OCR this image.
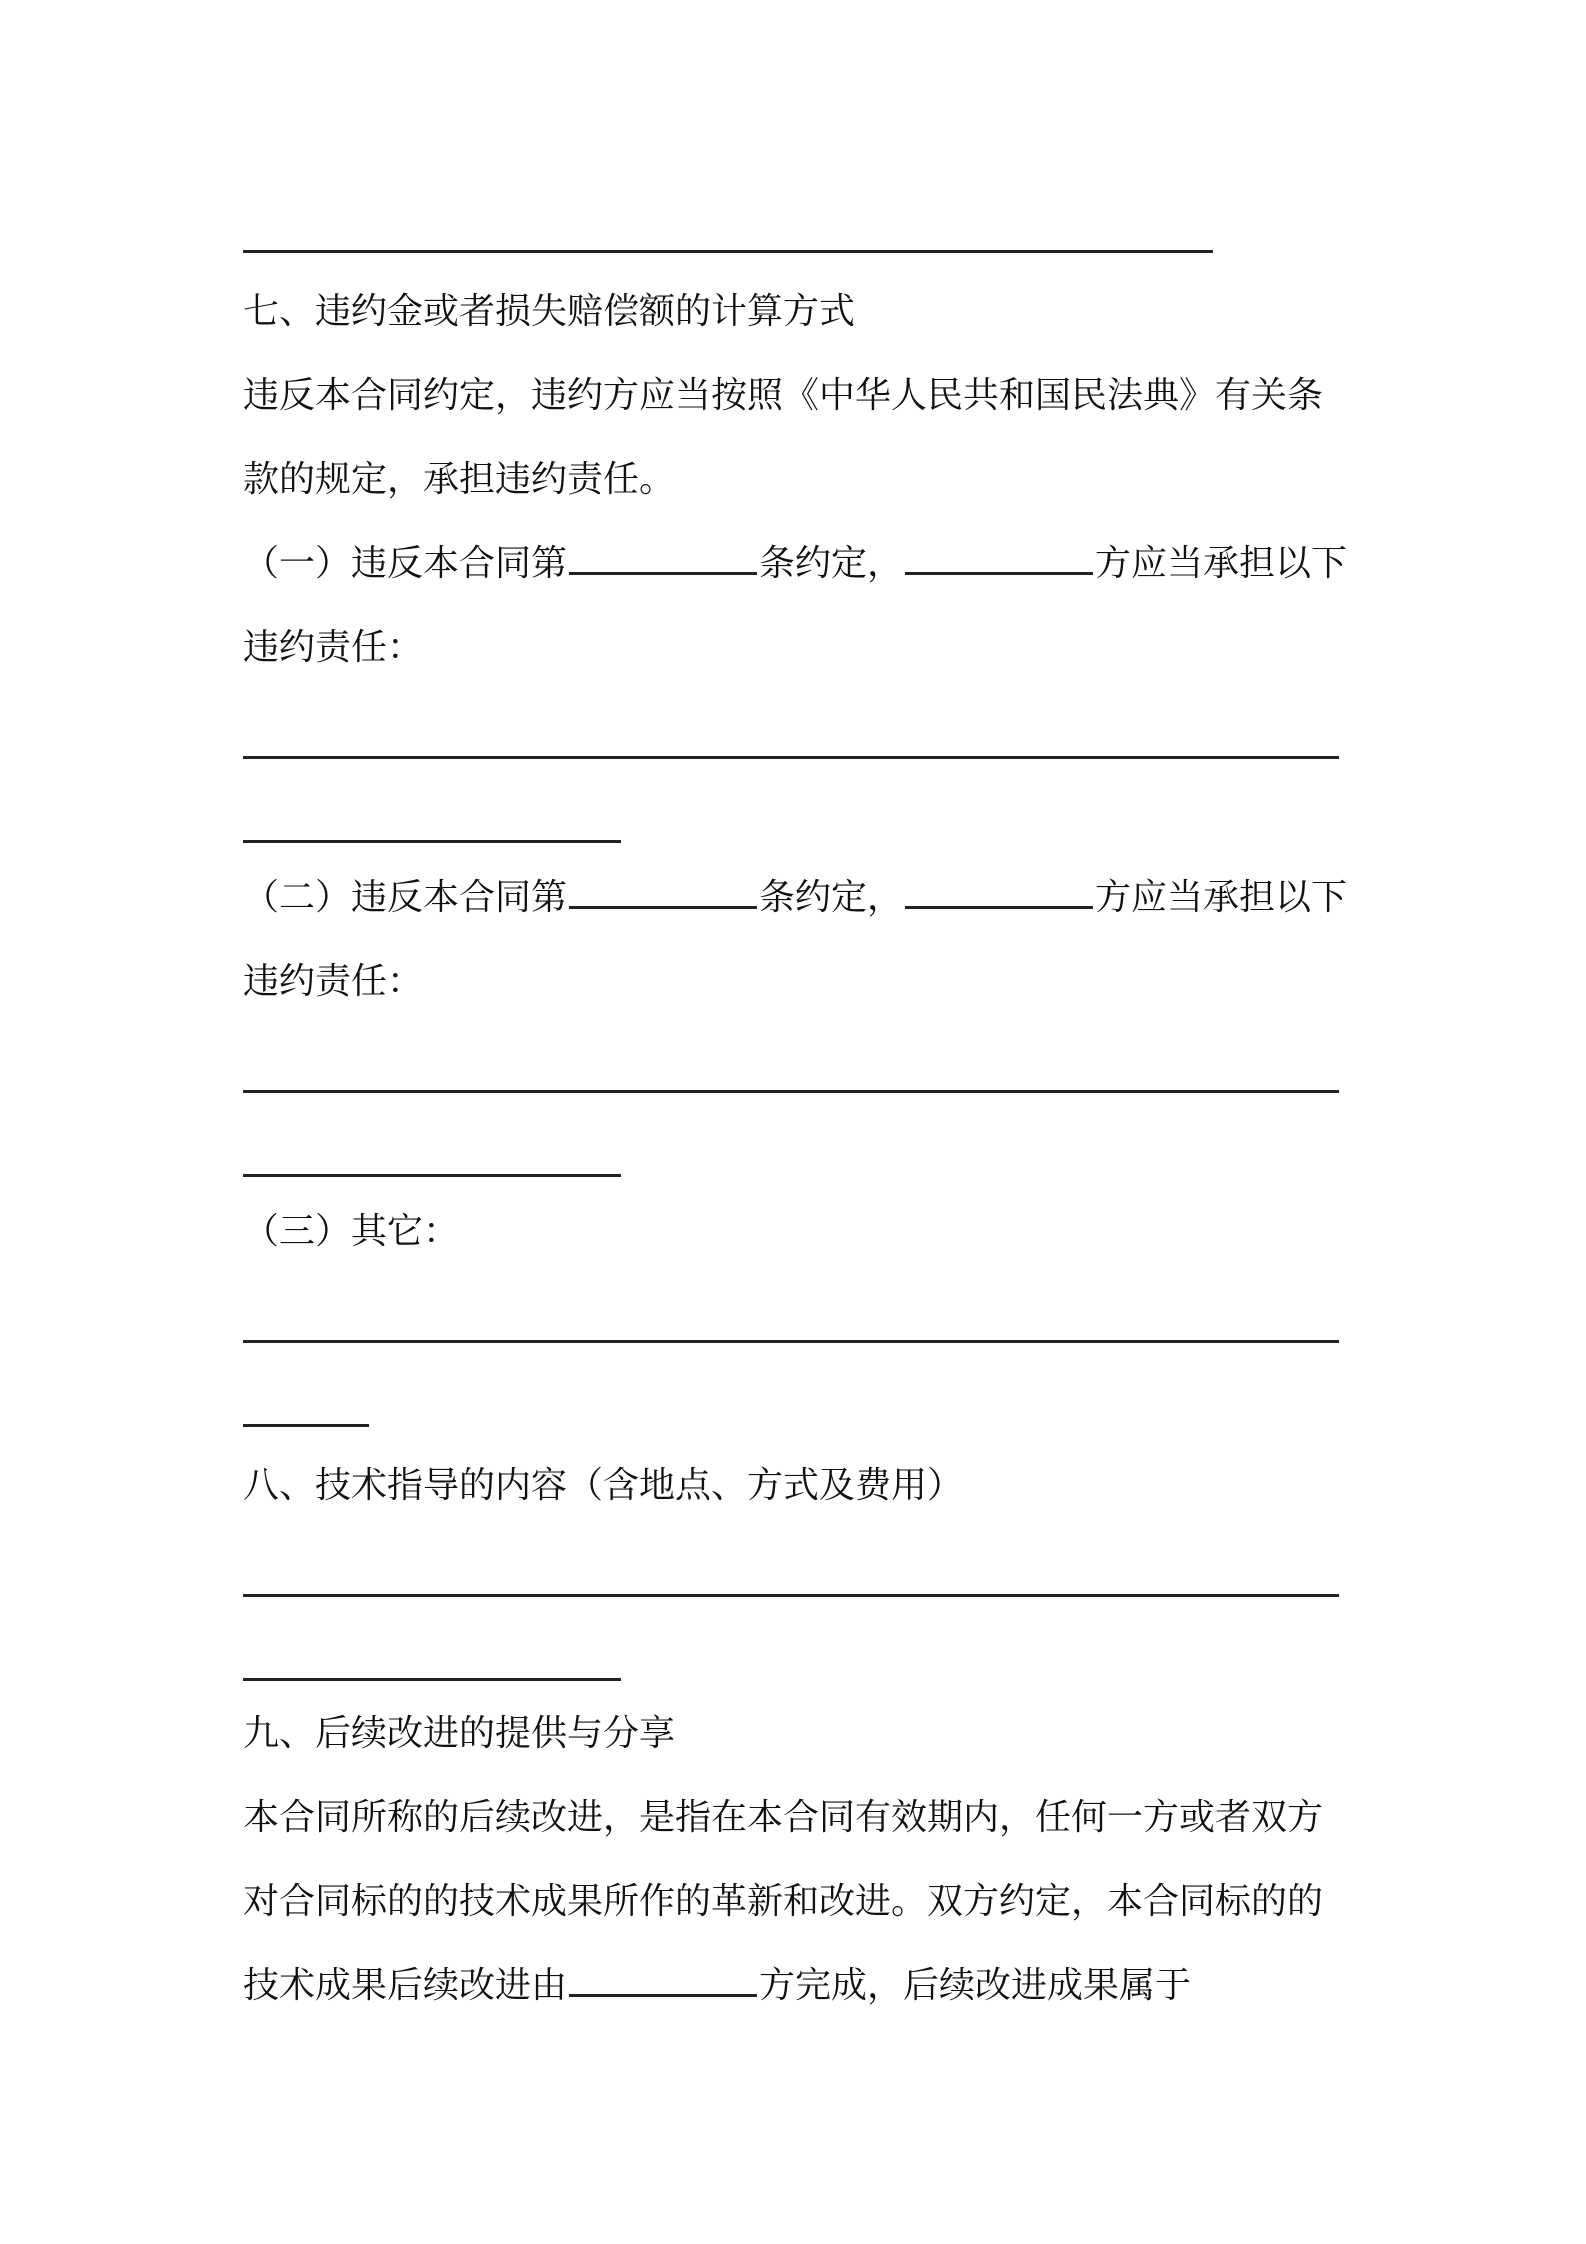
七、违约金或者损失赔偿额的计算方式
违反本合同约定，违约方应当按照《中华人民共和国民法典》有关条
款的规定，承担违约责任。
（一）违反本合同第	条约定，	方应当承担以下
违约责任：
（二）违反本合同第	条约定，	方应当承担以下
违约责任：
（三）其它：
八、技术指导的内容（含地点、方式及费用）
九、后续改进的提供与分享
本合同所称的后续改进，是指在本合同有效期内，任何一方或者双方
对合同标的的技术成果所作的革新和改进。双方约定，本合同标的的
技术成果后续改进由	方完成，后续改进成果属于
